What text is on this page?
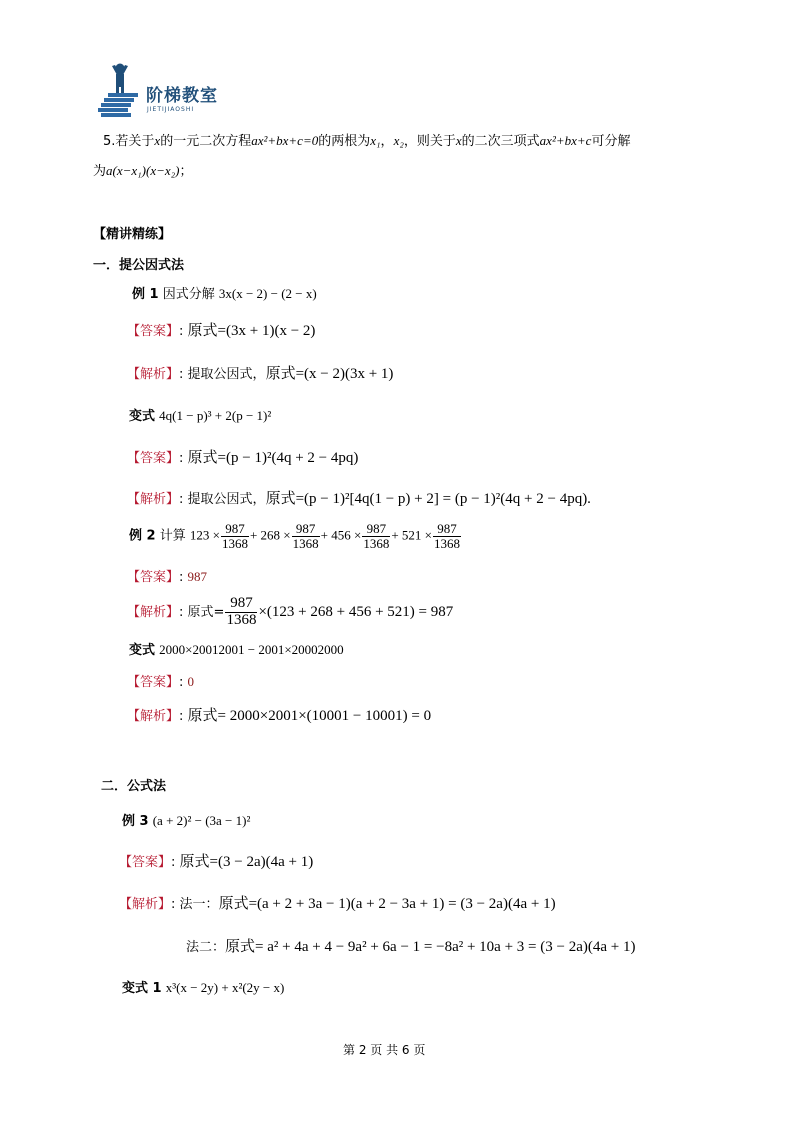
阶梯教室
JIETIJIAOSHI
5.若关于x的一元二次方程ax²+bx+c=0的两根为x₁，x₂，则关于x的二次三项式ax²+bx+c可分解
为a(x−x₁)(x−x₂)；
【精讲精练】
一．提公因式法
例 1 因式分解 3x(x − 2) − (2 − x)
【答案】: 原式=(3x + 1)(x − 2)
【解析】: 提取公因式，原式=(x − 2)(3x + 1)
变式 4q(1 − p)³ + 2(p − 1)²
【答案】: 原式=(p − 1)²(4q + 2 − 4pq)
【解析】: 提取公因式，原式=(p − 1)²[4q(1 − p) + 2] = (p − 1)²(4q + 2 − 4pq).
例 2 计算 $123 \times \frac{987}{1368} + 268 \times \frac{987}{1368} + 456 \times \frac{987}{1368} + 521 \times \frac{987}{1368}$
【答案】: 987
【解析】: 原式= $\frac{987}{1368} \times(123 + 268 + 456 + 521) = 987$
变式 2000×20012001 − 2001×20002000
【答案】: 0
【解析】: 原式= 2000×2001×(10001 − 10001) = 0
二．公式法
例 3 (a + 2)² − (3a − 1)²
【答案】: 原式=(3 − 2a)(4a + 1)
【解析】: 法一：原式=(a + 2 + 3a − 1)(a + 2 − 3a + 1) = (3 − 2a)(4a + 1)
法二：原式= a² + 4a + 4 − 9a² + 6a − 1 = −8a² + 10a + 3 = (3 − 2a)(4a + 1)
变式 1 x³(x − 2y) + x²(2y − x)
第 2 页 共 6 页
